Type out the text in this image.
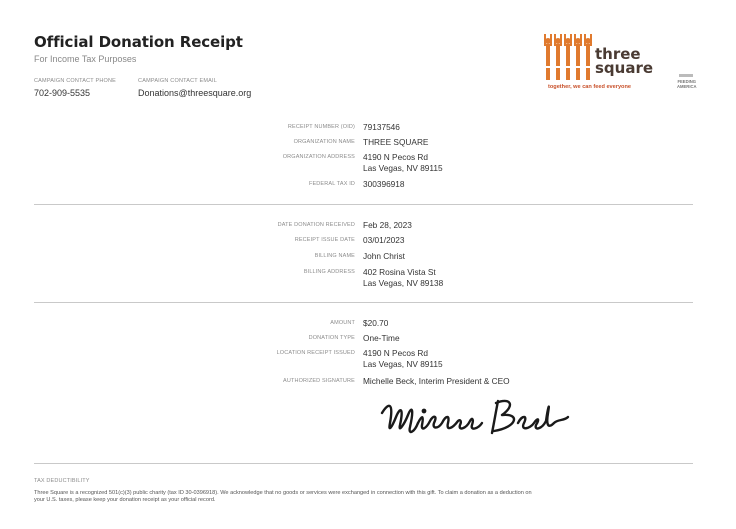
Official Donation Receipt
For Income Tax Purposes
CAMPAIGN CONTACT PHONE
702-909-5535
CAMPAIGN CONTACT EMAIL
Donations@threesquare.org
three
square
together, we can feed everyone
FEEDING AMERICA
RECEIPT NUMBER (OID) 79137546
ORGANIZATION NAME THREE SQUARE
ORGANIZATION ADDRESS 4190 N Pecos Rd
Las Vegas, NV 89115
FEDERAL TAX ID 300396918
DATE DONATION RECEIVED Feb 28, 2023
RECEIPT ISSUE DATE 03/01/2023
BILLING NAME John Christ
BILLING ADDRESS 402 Rosina Vista St
Las Vegas, NV 89138
AMOUNT $20.70
DONATION TYPE One-Time
LOCATION RECEIPT ISSUED 4190 N Pecos Rd
Las Vegas, NV 89115
AUTHORIZED SIGNATURE Michelle Beck, Interim President & CEO
TAX DEDUCTIBILITY
Three Square is a recognized 501(c)(3) public charity (tax ID 30-0396918). We acknowledge that no goods or services were exchanged in connection with this gift. To claim a donation as a deduction on
your U.S. taxes, please keep your donation receipt as your official record.
